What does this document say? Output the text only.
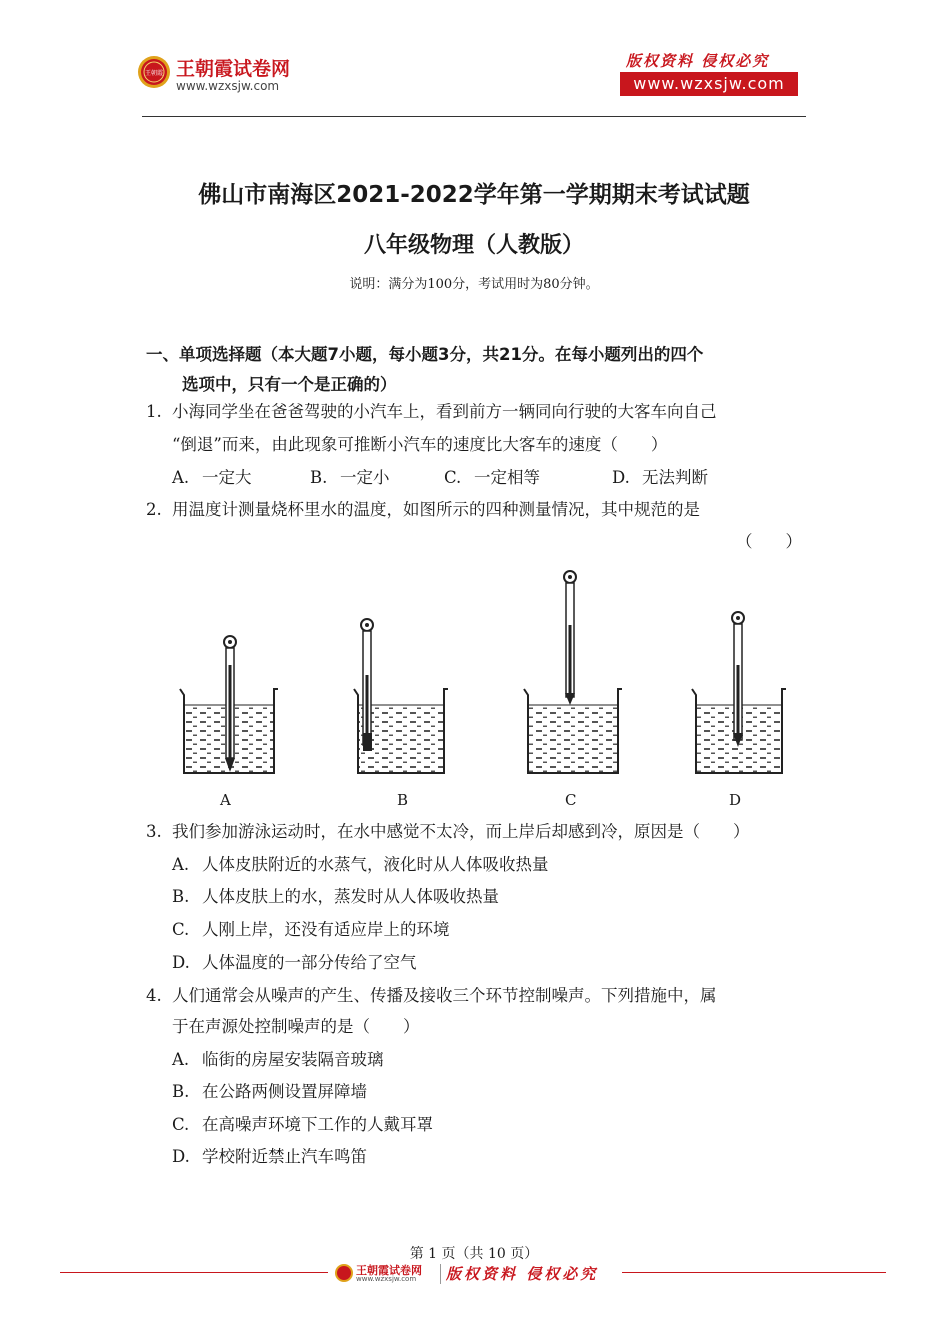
王朝霞 王朝霞试卷网
www.wzxsjw.com
版权资料 侵权必究
www.wzxsjw.com
佛山市南海区2021-2022学年第一学期期末考试试题
八年级物理（人教版）
说明：满分为100分，考试用时为80分钟。
一、单项选择题（本大题7小题，每小题3分，共21分。在每小题列出的四个
选项中，只有一个是正确的）
1. 小海同学坐在爸爸驾驶的小汽车上，看到前方一辆同向行驶的大客车向自己
“倒退”而来，由此现象可推断小汽车的速度比大客车的速度（　　）
A. 一定大	B. 一定小	C. 一定相等	D. 无法判断
2. 用温度计测量烧杯里水的温度，如图所示的四种测量情况，其中规范的是
（　　）
A	B	C	D
3. 我们参加游泳运动时，在水中感觉不太冷，而上岸后却感到冷，原因是（　　）
A. 人体皮肤附近的水蒸气，液化时从人体吸收热量
B. 人体皮肤上的水，蒸发时从人体吸收热量
C. 人刚上岸，还没有适应岸上的环境
D. 人体温度的一部分传给了空气
4. 人们通常会从噪声的产生、传播及接收三个环节控制噪声。下列措施中，属
于在声源处控制噪声的是（　　）
A. 临街的房屋安装隔音玻璃
B. 在公路两侧设置屏障墙
C. 在高噪声环境下工作的人戴耳罩
D. 学校附近禁止汽车鸣笛
第 1 页（共 10 页）
王朝霞试卷网
www.wzxsjw.com 版权资料 侵权必究
